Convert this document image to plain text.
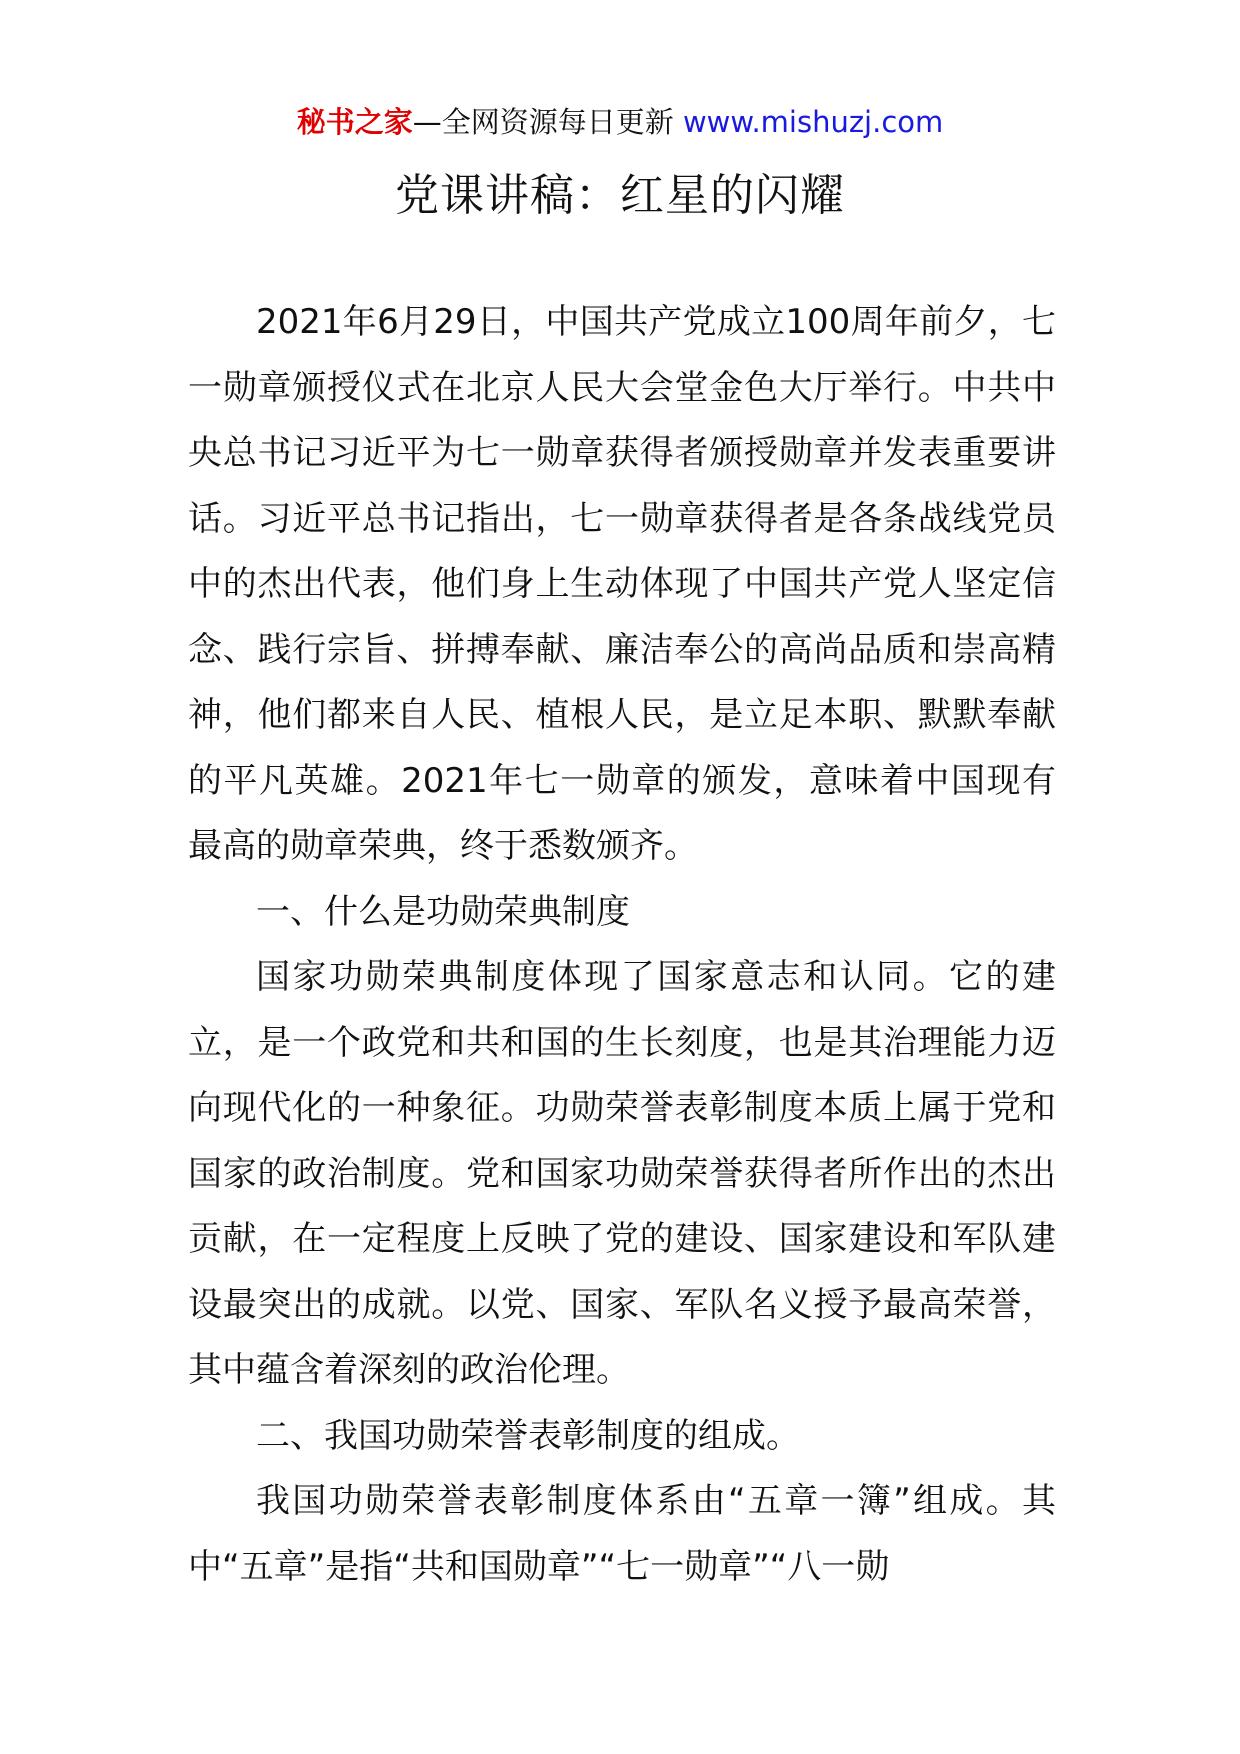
秘书之家—全网资源每日更新 www.mishuzj.com
党课讲稿：红星的闪耀

2021年6月29日，中国共产党成立100周年前夕，七一勋章颁授仪式在北京人民大会堂金色大厅举行。中共中央总书记习近平为七一勋章获得者颁授勋章并发表重要讲话。习近平总书记指出，七一勋章获得者是各条战线党员中的杰出代表，他们身上生动体现了中国共产党人坚定信念、践行宗旨、拼搏奉献、廉洁奉公的高尚品质和崇高精神，他们都来自人民、植根人民，是立足本职、默默奉献的平凡英雄。2021年七一勋章的颁发，意味着中国现有最高的勋章荣典，终于悉数颁齐。

一、什么是功勋荣典制度

国家功勋荣典制度体现了国家意志和认同。它的建立，是一个政党和共和国的生长刻度，也是其治理能力迈向现代化的一种象征。功勋荣誉表彰制度本质上属于党和国家的政治制度。党和国家功勋荣誉获得者所作出的杰出贡献，在一定程度上反映了党的建设、国家建设和军队建设最突出的成就。以党、国家、军队名义授予最高荣誉，其中蕴含着深刻的政治伦理。

二、我国功勋荣誉表彰制度的组成。

我国功勋荣誉表彰制度体系由“五章一簿”组成。其中“五章”是指“共和国勋章”“七一勋章”“八一勋
